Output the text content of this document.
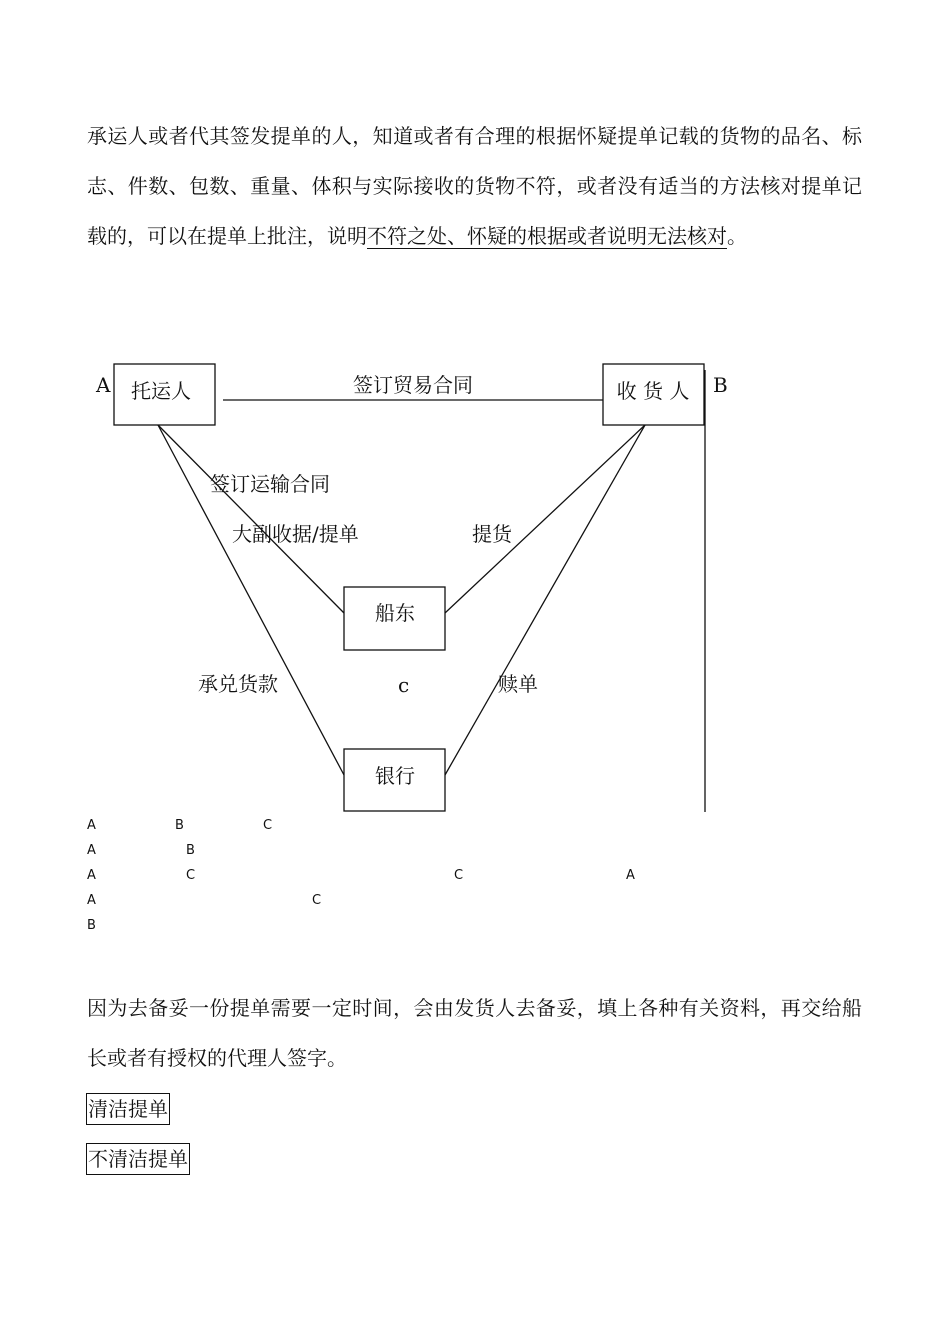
承运人或者代其签发提单的人，知道或者有合理的根据怀疑提单记载的货物的品名、标志、件数、包数、重量、体积与实际接收的货物不符，或者没有适当的方法核对提单记载的，可以在提单上批注，说明不符之处、怀疑的根据或者说明无法核对。

托运人	收 货 人
船东
银行
A	B
c
签订贸易合同
签订运输合同
大副收据/提单	提货
承兑货款	赎单
A	B	C
A	B
A	C	C	A
A	C
B

因为去备妥一份提单需要一定时间，会由发货人去备妥，填上各种有关资料，再交给船长或者有授权的代理人签字。

清洁提单
不清洁提单
